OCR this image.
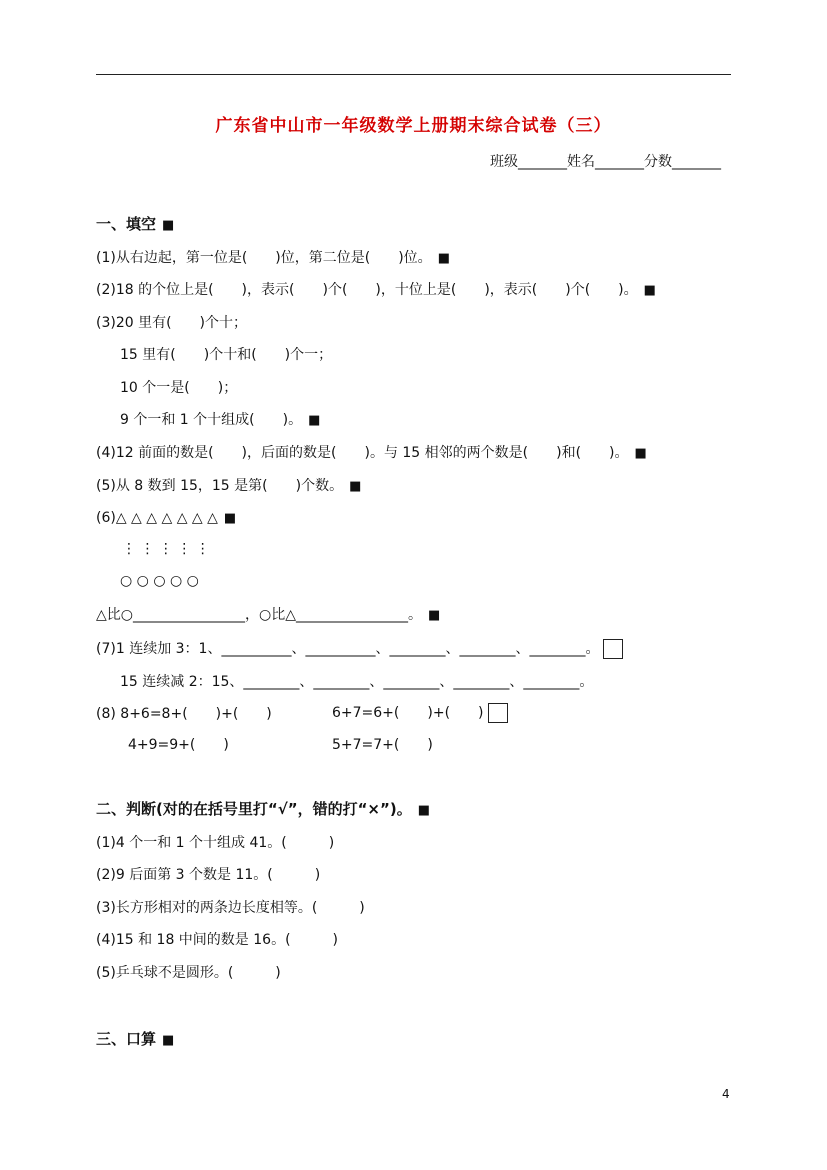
广东省中山市一年级数学上册期末综合试卷（三）
班级_______姓名_______分数_______
一、填空 ■
(1)从右边起，第一位是(　　)位，第二位是(　　)位。 ■
(2)18 的个位上是(　　)，表示(　　)个(　　)，十位上是(　　)，表示(　　)个(　　)。 ■
(3)20 里有(　　)个十；
15 里有(　　)个十和(　　)个一；
10 个一是(　　)；
9 个一和 1 个十组成(　　)。 ■
(4)12 前面的数是(　　)，后面的数是(　　)。与 15 相邻的两个数是(　　)和(　　)。 ■
(5)从 8 数到 15，15 是第(　　)个数。 ■
(6)△ △ △ △ △ △ △ ■
⋮ ⋮ ⋮ ⋮ ⋮
○ ○ ○ ○ ○
△比○________________，○比△________________。 ■
(7)1 连续加 3：1、__________、__________、________、________、________。
15 连续减 2：15、________、________、________、________、________。
(8) 8+6=8+(　　)+(　　)	6+7=6+(　　)+(　　)
4+9=9+(　　)	5+7=7+(　　)
二、判断(对的在括号里打“√”，错的打“×”)。 ■
(1)4 个一和 1 个十组成 41。(　　　)
(2)9 后面第 3 个数是 11。(　　　)
(3)长方形相对的两条边长度相等。(　　　)
(4)15 和 18 中间的数是 16。(　　　)
(5)乒乓球不是圆形。(　　　)
三、口算 ■
4
